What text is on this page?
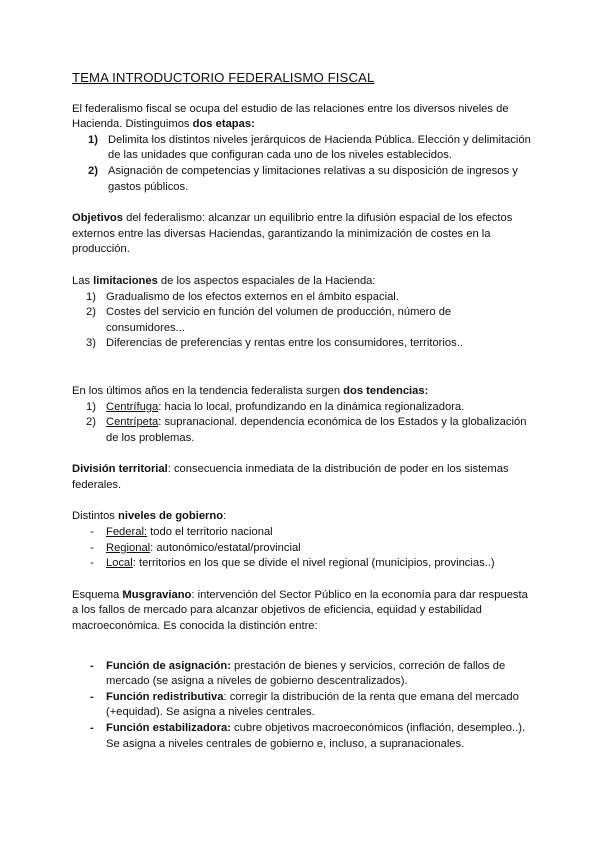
TEMA INTRODUCTORIO FEDERALISMO FISCAL

El federalismo fiscal se ocupa del estudio de las relaciones entre los diversos niveles de Hacienda. Distinguimos dos etapas:

1) Delimita los distintos niveles jerárquicos de Hacienda Pública. Elección y delimitación de las unidades que configuran cada uno de los niveles establecidos.
2) Asignación de competencias y limitaciones relativas a su disposición de ingresos y gastos públicos.

Objetivos del federalismo: alcanzar un equilibrio entre la difusión espacial de los efectos externos entre las diversas Haciendas, garantizando la minimización de costes en la producción.

Las limitaciones de los aspectos espaciales de la Hacienda:

1) Gradualismo de los efectos externos en el ámbito espacial.
2) Costes del servicio en función del volumen de producción, número de consumidores...
3) Diferencias de preferencias y rentas entre los consumidores, territorios..

En los últimos años en la tendencia federalista surgen dos tendencias:

1) Centrífuga: hacia lo local, profundizando en la dinámica regionalizadora.
2) Centrípeta: supranacional. dependencia económica de los Estados y la globalización de los problemas.

División territorial: consecuencia inmediata de la distribución de poder en los sistemas federales.

Distintos niveles de gobierno:

- Federal: todo el territorio nacional
- Regional: autonómico/estatal/provincial
- Local: territorios en los que se divide el nivel regional (municipios, provincias..)

Esquema Musgraviano: intervención del Sector Público en la economía para dar respuesta a los fallos de mercado para alcanzar objetivos de eficiencia, equidad y estabilidad macroeconómica. Es conocida la distinción entre:

- Función de asignación: prestación de bienes y servicios, correción de fallos de mercado (se asigna a niveles de gobierno descentralizados).
- Función redistributiva: corregir la distribución de la renta que emana del mercado (+equidad). Se asigna a niveles centrales.
- Función estabilizadora: cubre objetivos macroeconómicos (inflación, desempleo..). Se asigna a niveles centrales de gobierno e, incluso, a supranacionales.
